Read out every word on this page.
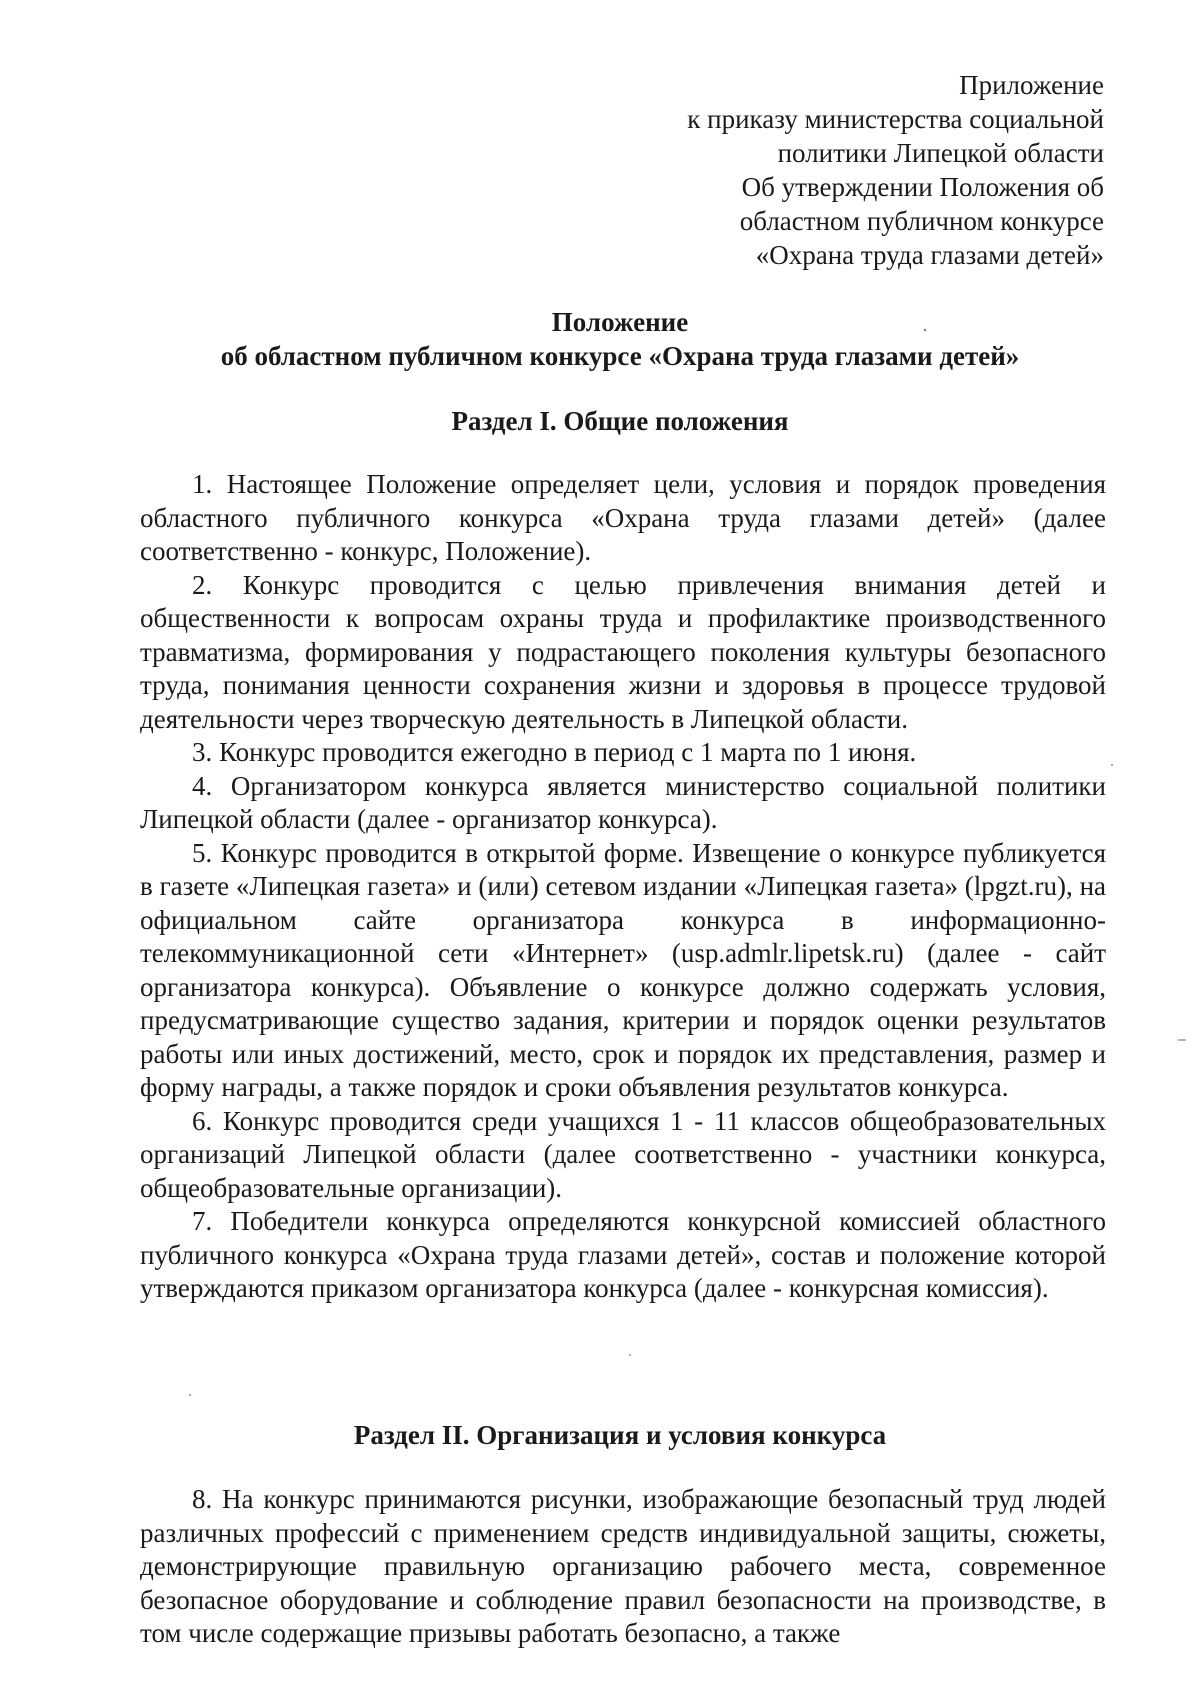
Приложение
к приказу министерства социальной
политики Липецкой области
Об утверждении Положения об
областном публичном конкурсе
«Охрана труда глазами детей»
Положение
об областном публичном конкурсе «Охрана труда глазами детей»
Раздел I. Общие положения

1. Настоящее Положение определяет цели, условия и порядок проведения областного публичного конкурса «Охрана труда глазами детей» (далее соответственно - конкурс, Положение).

2. Конкурс проводится с целью привлечения внимания детей и общественности к вопросам охраны труда и профилактике производственного травматизма, формирования у подрастающего поколения культуры безопасного труда, понимания ценности сохранения жизни и здоровья в процессе трудовой деятельности через творческую деятельность в Липецкой области.

3. Конкурс проводится ежегодно в период с 1 марта по 1 июня.

4. Организатором конкурса является министерство социальной политики Липецкой области (далее - организатор конкурса).

5. Конкурс проводится в открытой форме. Извещение о конкурсе публикуется в газете «Липецкая газета» и (или) сетевом издании «Липецкая газета» (lpgzt.ru), на официальном сайте организатора конкурса в информационно-телекоммуникационной сети «Интернет» (usp.admlr.lipetsk.ru) (далее - сайт организатора конкурса). Объявление о конкурсе должно содержать условия, предусматривающие существо задания, критерии и порядок оценки результатов работы или иных достижений, место, срок и порядок их представления, размер и форму награды, а также порядок и сроки объявления результатов конкурса.

6. Конкурс проводится среди учащихся 1 - 11 классов общеобразовательных организаций Липецкой области (далее соответственно - участники конкурса, общеобразовательные организации).

7. Победители конкурса определяются конкурсной комиссией областного публичного конкурса «Охрана труда глазами детей», состав и положение которой утверждаются приказом организатора конкурса (далее - конкурсная комиссия).

Раздел II. Организация и условия конкурса

8. На конкурс принимаются рисунки, изображающие безопасный труд людей различных профессий с применением средств индивидуальной защиты, сюжеты, демонстрирующие правильную организацию рабочего места, современное безопасное оборудование и соблюдение правил безопасности на производстве, в том числе содержащие призывы работать безопасно, а также
